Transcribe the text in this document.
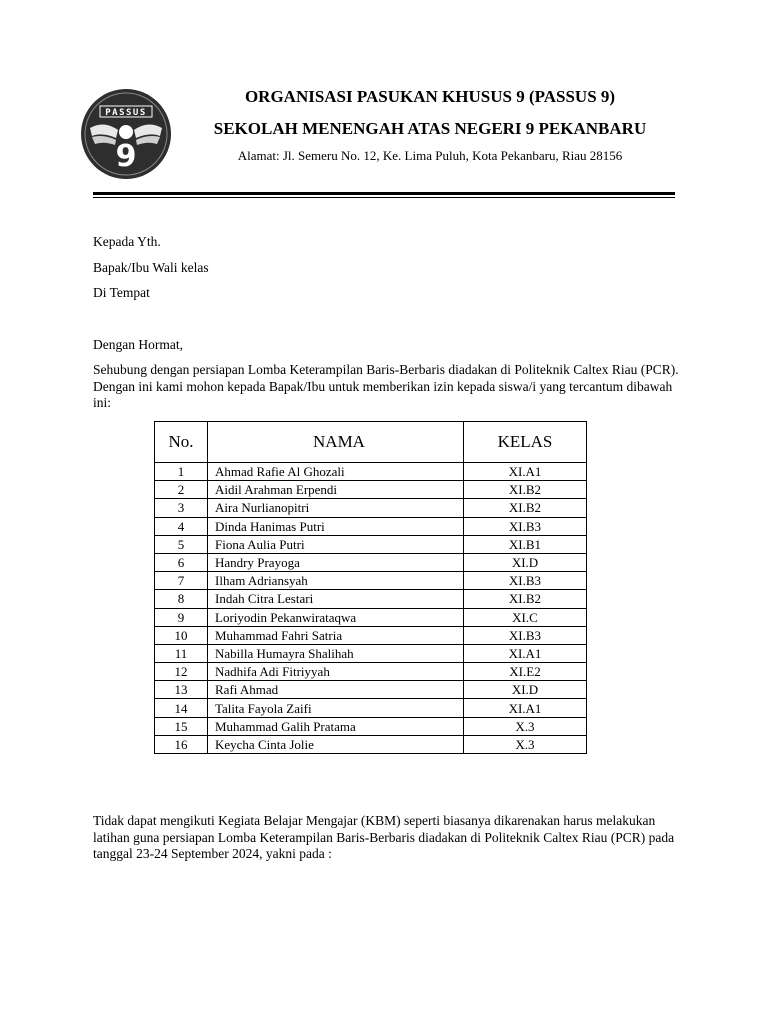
PASSUS
9
ORGANISASI PASUKAN KHUSUS 9 (PASSUS 9)
SEKOLAH MENENGAH ATAS NEGERI 9 PEKANBARU
Alamat: Jl. Semeru No. 12, Ke. Lima Puluh, Kota Pekanbaru, Riau 28156
Kepada Yth.
Bapak/Ibu Wali kelas
Di Tempat
Dengan Hormat,
Sehubung dengan persiapan Lomba Keterampilan Baris-Berbaris diadakan di Politeknik Caltex Riau (PCR). Dengan ini kami mohon kepada Bapak/Ibu untuk memberikan izin kepada siswa/i yang tercantum dibawah ini:
No.	NAMA	KELAS
1	Ahmad Rafie Al Ghozali	XI.A1
2	Aidil Arahman Erpendi	XI.B2
3	Aira Nurlianopitri	XI.B2
4	Dinda Hanimas Putri	XI.B3
5	Fiona Aulia Putri	XI.B1
6	Handry Prayoga	XI.D
7	Ilham Adriansyah	XI.B3
8	Indah Citra Lestari	XI.B2
9	Loriyodin Pekanwirataqwa	XI.C
10	Muhammad Fahri Satria	XI.B3
11	Nabilla Humayra Shalihah	XI.A1
12	Nadhifa Adi Fitriyyah	XI.E2
13	Rafi Ahmad	XI.D
14	Talita Fayola Zaifi	XI.A1
15	Muhammad Galih Pratama	X.3
16	Keycha Cinta Jolie	X.3
Tidak dapat mengikuti Kegiata Belajar Mengajar (KBM) seperti biasanya dikarenakan harus melakukan latihan guna persiapan Lomba Keterampilan Baris-Berbaris diadakan di Politeknik Caltex Riau (PCR) pada tanggal 23-24 September 2024, yakni pada :
